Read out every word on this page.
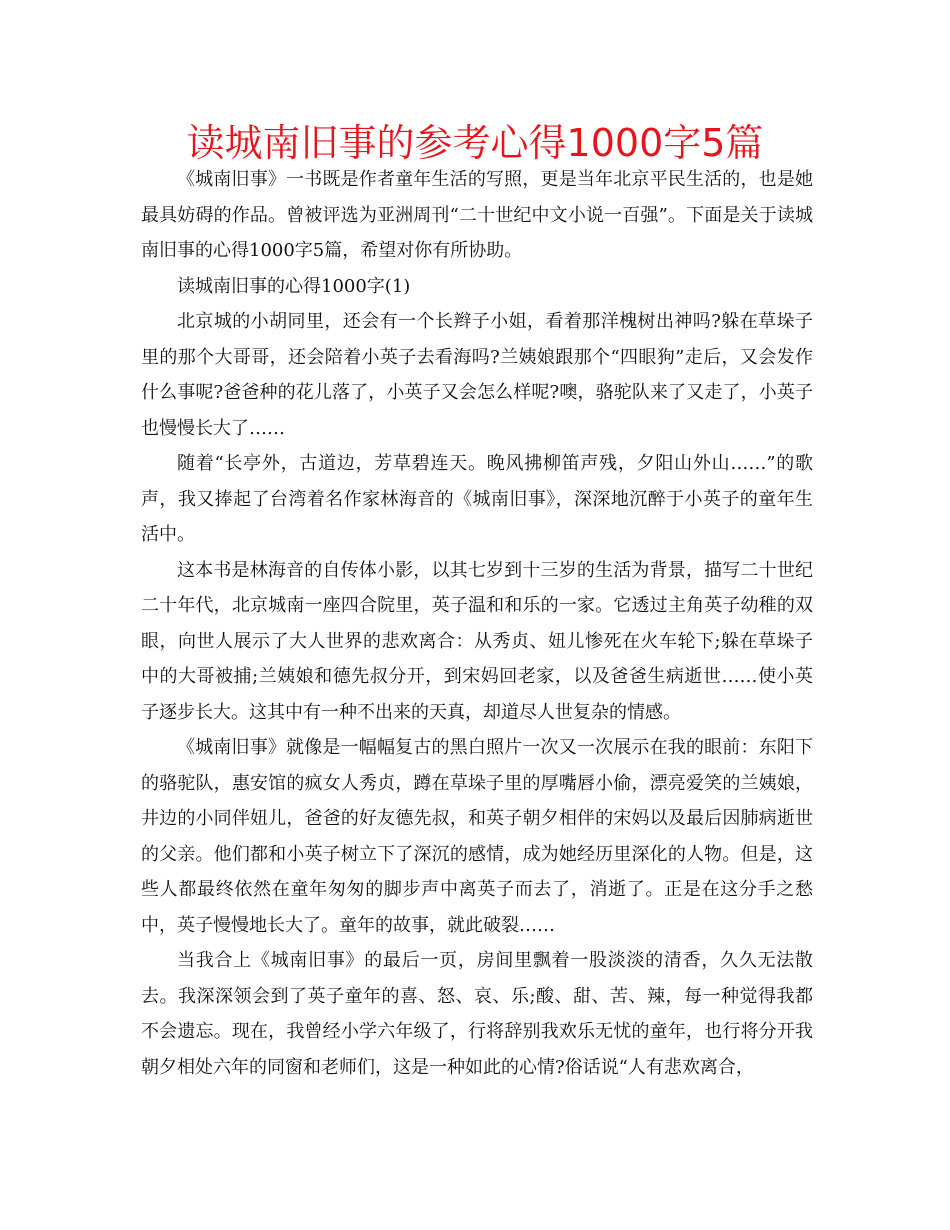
读城南旧事的参考心得1000字5篇

《城南旧事》一书既是作者童年生活的写照，更是当年北京平民生活的，也是她最具妨碍的作品。曾被评选为亚洲周刊“二十世纪中文小说一百强”。下面是关于读城南旧事的心得1000字5篇，希望对你有所协助。

读城南旧事的心得1000字(1)

北京城的小胡同里，还会有一个长辫子小姐，看着那洋槐树出神吗?躲在草垛子里的那个大哥哥，还会陪着小英子去看海吗?兰姨娘跟那个“四眼狗”走后，又会发作什么事呢?爸爸种的花儿落了，小英子又会怎么样呢?噢，骆驼队来了又走了，小英子也慢慢长大了……

随着“长亭外，古道边，芳草碧连天。晚风拂柳笛声残，夕阳山外山……”的歌声，我又捧起了台湾着名作家林海音的《城南旧事》，深深地沉醉于小英子的童年生活中。

这本书是林海音的自传体小影，以其七岁到十三岁的生活为背景，描写二十世纪二十年代，北京城南一座四合院里，英子温和和乐的一家。它透过主角英子幼稚的双眼，向世人展示了大人世界的悲欢离合：从秀贞、妞儿惨死在火车轮下;躲在草垛子中的大哥被捕;兰姨娘和德先叔分开，到宋妈回老家，以及爸爸生病逝世……使小英子逐步长大。这其中有一种不出来的天真，却道尽人世复杂的情感。

《城南旧事》就像是一幅幅复古的黑白照片一次又一次展示在我的眼前：东阳下的骆驼队，惠安馆的疯女人秀贞，蹲在草垛子里的厚嘴唇小偷，漂亮爱笑的兰姨娘，井边的小同伴妞儿，爸爸的好友德先叔，和英子朝夕相伴的宋妈以及最后因肺病逝世的父亲。他们都和小英子树立下了深沉的感情，成为她经历里深化的人物。但是，这些人都最终依然在童年匆匆的脚步声中离英子而去了，消逝了。正是在这分手之愁中，英子慢慢地长大了。童年的故事，就此破裂……

当我合上《城南旧事》的最后一页，房间里飘着一股淡淡的清香，久久无法散去。我深深领会到了英子童年的喜、怒、哀、乐;酸、甜、苦、辣，每一种觉得我都不会遗忘。现在，我曾经小学六年级了，行将辞别我欢乐无忧的童年，也行将分开我朝夕相处六年的同窗和老师们，这是一种如此的心情?俗话说“人有悲欢离合，
